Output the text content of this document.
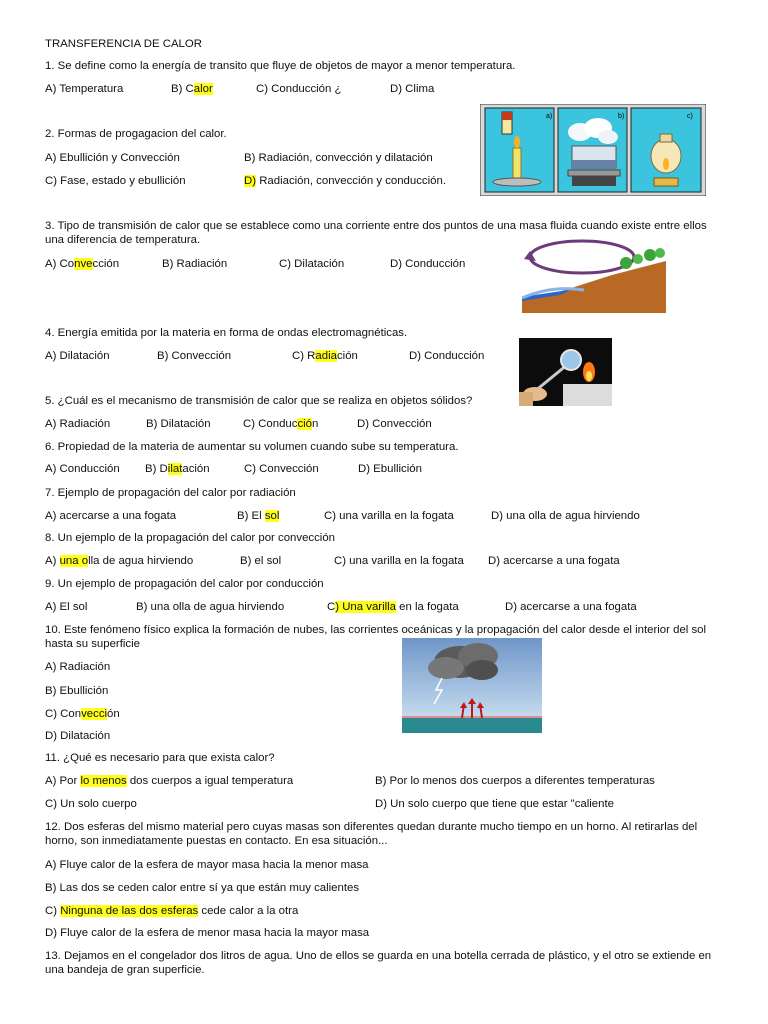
TRANSFERENCIA DE CALOR
1. Se define como la energía de transito que fluye de objetos de mayor a menor temperatura.
A) Temperatura	B) Calor	C) Conducción ¿	D) Clima
2. Formas de progagacion del calor.
A) Ebullición y Convección	B) Radiación, convección y dilatación
C) Fase, estado y ebullición	D) Radiación, convección y conducción.
a)	b)	c)
3. Tipo de transmisión de calor que se establece como una corriente entre dos puntos de una masa fluida cuando existe entre ellos una diferencia de temperatura.
A) Convección	B) Radiación	C) Dilatación	D) Conducción
4. Energía emitida por la materia en forma de ondas electromagnéticas.
A) Dilatación	B) Convección	C) Radiación	D) Conducción
5. ¿Cuál es el mecanismo de transmisión de calor que se realiza en objetos sólidos?
A) Radiación	B) Dilatación	C) Conducción	D) Convección
6. Propiedad de la materia de aumentar su volumen cuando sube su temperatura.
A) Conducción B) Dilatación	C) Convección	D) Ebullición
7. Ejemplo de propagación del calor por radiación
A) acercarse a una fogata	B) El sol	C) una varilla en la fogata	D) una olla de agua hirviendo
8. Un ejemplo de la propagación del calor por convección
A) una olla de agua hirviendo	B) el sol	C) una varilla en la fogata D) acercarse a una fogata
9. Un ejemplo de propagación del calor por conducción
A) El sol	B) una olla de agua hirviendo	C) Una varilla en la fogata	D) acercarse a una fogata
10. Este fenómeno físico explica la formación de nubes, las corrientes oceánicas y la propagación del calor desde el interior del sol hasta su superficie
A) Radiación
B) Ebullición
C) Convección
D) Dilatación
11. ¿Qué es necesario para que exista calor?
A) Por lo menos dos cuerpos a igual temperatura	B) Por lo menos dos cuerpos a diferentes temperaturas
C) Un solo cuerpo	D) Un solo cuerpo que tiene que estar "caliente
12. Dos esferas del mismo material pero cuyas masas son diferentes quedan durante mucho tiempo en un horno. Al retirarlas del horno, son inmediatamente puestas en contacto. En esa situación...
A) Fluye calor de la esfera de mayor masa hacia la menor masa
B) Las dos se ceden calor entre sí ya que están muy calientes
C) Ninguna de las dos esferas cede calor a la otra
D) Fluye calor de la esfera de menor masa hacia la mayor masa
13. Dejamos en el congelador dos litros de agua. Uno de ellos se guarda en una botella cerrada de plástico, y el otro se extiende en una bandeja de gran superficie.
